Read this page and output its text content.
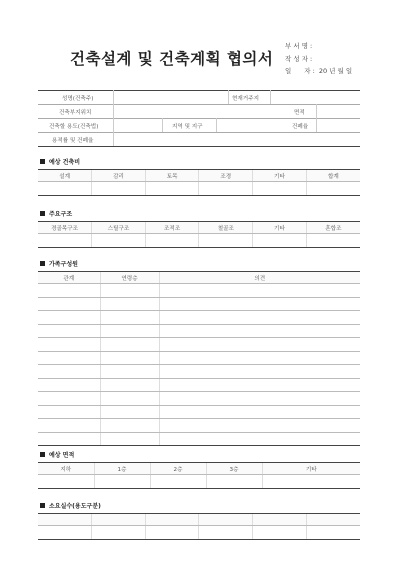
건축설계 및 건축계획 협의서
부 서 명 :
작 성 자 :
일　　자 : 20 년 월 일
성명(건축주)	현재거주지
건축부지위치	면적
건축할 용도(건축법)	지역 및 지구	건폐율
용적률 및 건폐율
예상 건축비
설계	감리	토목	조경	기타	합계

주요구조
경골목구조	스틸구조	조적조	철골조	기타	혼합조

가족구성원
관계	연령층	의견

예상 면적
지하	1층	2층	3층	기타

소요실수(용도구분)
